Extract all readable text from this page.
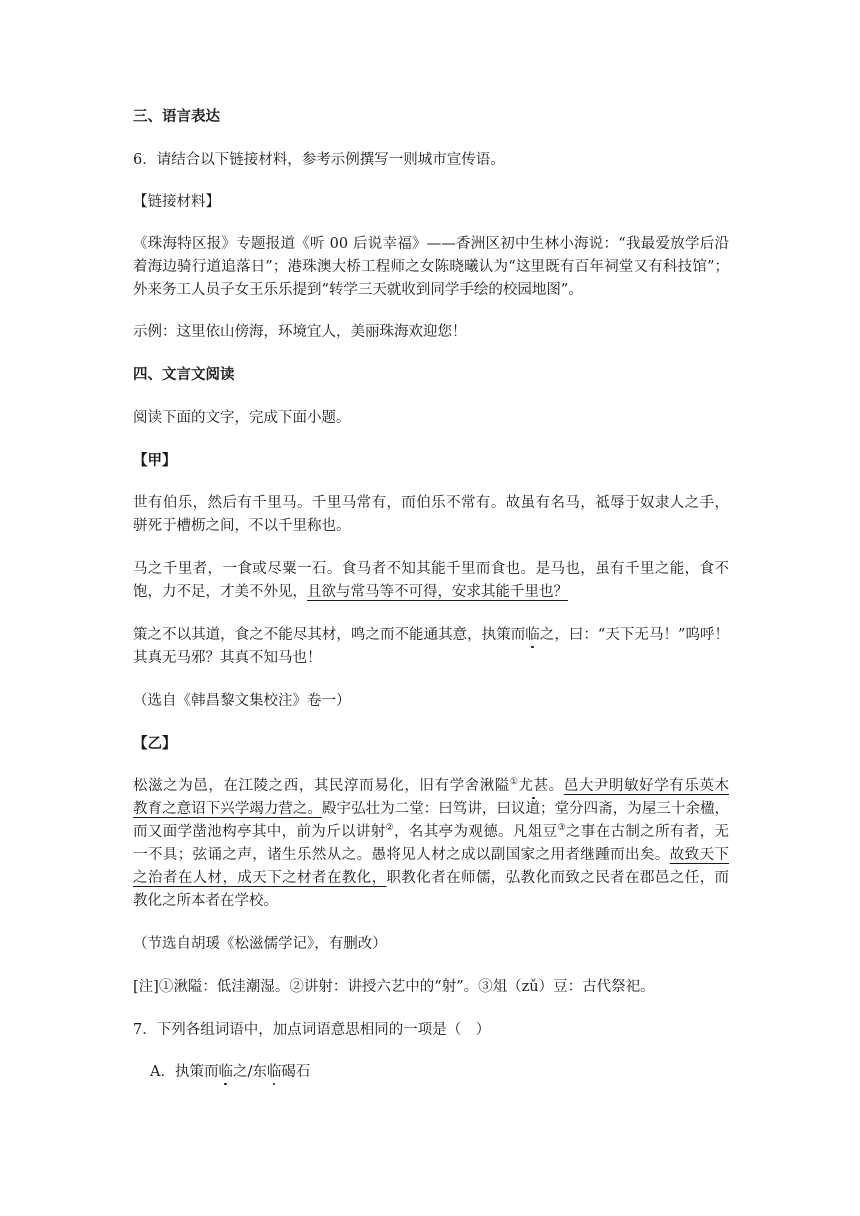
三、语言表达
6．请结合以下链接材料，参考示例撰写一则城市宣传语。
【链接材料】
《珠海特区报》专题报道《听 00 后说幸福》——香洲区初中生林小海说：“我最爱放学后沿
着海边骑行道追落日”；港珠澳大桥工程师之女陈晓曦认为“这里既有百年祠堂又有科技馆”；
外来务工人员子女王乐乐提到“转学三天就收到同学手绘的校园地图”。
示例：这里依山傍海，环境宜人，美丽珠海欢迎您！
四、文言文阅读
阅读下面的文字，完成下面小题。
【甲】
世有伯乐，然后有千里马。千里马常有，而伯乐不常有。故虽有名马，祗辱于奴隶人之手，
骈死于槽枥之间，不以千里称也。
马之千里者，一食或尽粟一石。食马者不知其能千里而食也。是马也，虽有千里之能，食不
饱，力不足，才美不外见，且欲与常马等不可得，安求其能千里也？
策之不以其道，食之不能尽其材，鸣之而不能通其意，执策而临之，曰：“天下无马！”呜呼！
其真无马邪？其真不知马也！
（选自《韩昌黎文集校注》卷一）
【乙】
松滋之为邑，在江陵之西，其民淳而易化，旧有学舍湫隘①尤甚。邑大尹明敏好学有乐英木
教育之意诏下兴学竭力营之。殿宇弘壮为二堂：曰笃讲，曰议道；堂分四斋，为屋三十余楹，
而又面学凿池构亭其中，前为斤以讲射②，名其亭为观德。凡俎豆③之事在古制之所有者，无
一不具；弦诵之声，诸生乐然从之。愚将见人材之成以副国家之用者继踵而出矣。故致天下
之治者在人材，成天下之材者在教化，职教化者在师儒，弘教化而致之民者在郡邑之任，而
教化之所本者在学校。
（节选自胡瑗《松滋儒学记》，有删改）
[注]①湫隘：低洼潮湿。②讲射：讲授六艺中的“射”。③俎（zǔ）豆：古代祭祀。
7．下列各组词语中，加点词语意思相同的一项是（　）
A．执策而临之/东临碣石
